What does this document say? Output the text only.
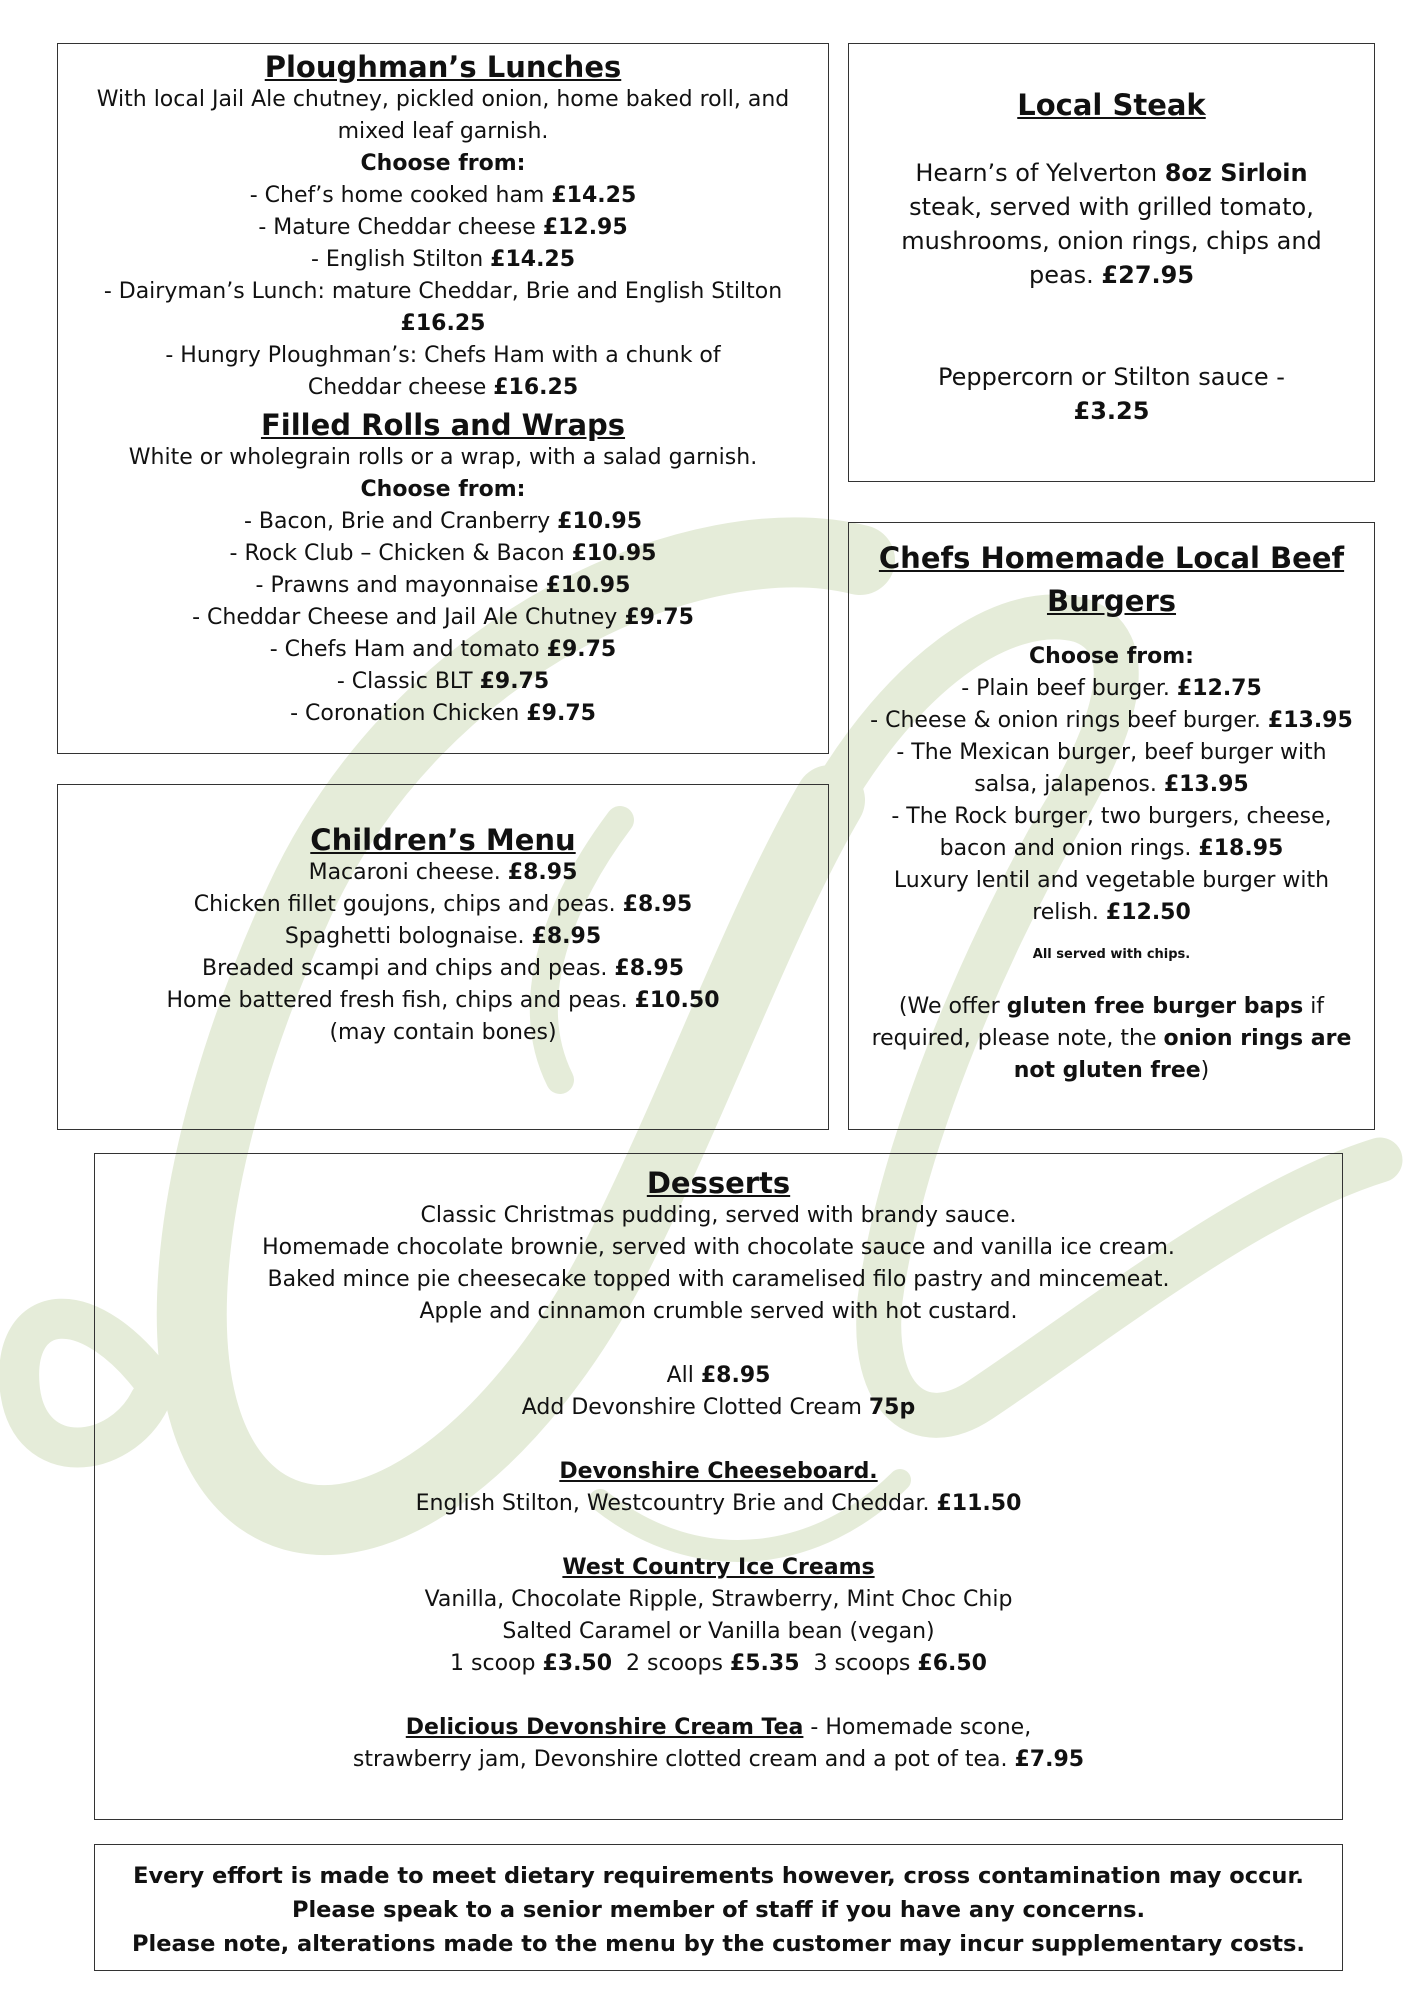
Ploughman’s Lunches

With local Jail Ale chutney, pickled onion, home baked roll, and

mixed leaf garnish.

Choose from:

- Chef’s home cooked ham £14.25

- Mature Cheddar cheese £12.95

- English Stilton £14.25

- Dairyman’s Lunch: mature Cheddar, Brie and English Stilton

£16.25

- Hungry Ploughman’s: Chefs Ham with a chunk of

Cheddar cheese £16.25

Filled Rolls and Wraps

White or wholegrain rolls or a wrap, with a salad garnish.

Choose from:

- Bacon, Brie and Cranberry £10.95

- Rock Club – Chicken & Bacon £10.95

- Prawns and mayonnaise £10.95

- Cheddar Cheese and Jail Ale Chutney £9.75

- Chefs Ham and tomato £9.75

- Classic BLT £9.75

- Coronation Chicken £9.75

Local Steak

Hearn’s of Yelverton 8oz Sirloin

steak, served with grilled tomato,

mushrooms, onion rings, chips and

peas. £27.95

Peppercorn or Stilton sauce -

£3.25

Chefs Homemade Local Beef

Burgers

Choose from:

- Plain beef burger. £12.75

- Cheese & onion rings beef burger. £13.95

- The Mexican burger, beef burger with

salsa, jalapenos. £13.95

- The Rock burger, two burgers, cheese,

bacon and onion rings. £18.95

Luxury lentil and vegetable burger with

relish. £12.50

All served with chips.

(We offer gluten free burger baps if

required, please note, the onion rings are

not gluten free)

Children’s Menu

Macaroni cheese. £8.95

Chicken fillet goujons, chips and peas. £8.95

Spaghetti bolognaise. £8.95

Breaded scampi and chips and peas. £8.95

Home battered fresh fish, chips and peas. £10.50

(may contain bones)

Desserts

Classic Christmas pudding, served with brandy sauce.

Homemade chocolate brownie, served with chocolate sauce and vanilla ice cream.

Baked mince pie cheesecake topped with caramelised filo pastry and mincemeat.

Apple and cinnamon crumble served with hot custard.

All £8.95

Add Devonshire Clotted Cream 75p

Devonshire Cheeseboard.

English Stilton, Westcountry Brie and Cheddar. £11.50

West Country Ice Creams

Vanilla, Chocolate Ripple, Strawberry, Mint Choc Chip

Salted Caramel or Vanilla bean (vegan)

1 scoop £3.50  2 scoops £5.35  3 scoops £6.50

Delicious Devonshire Cream Tea - Homemade scone,

strawberry jam, Devonshire clotted cream and a pot of tea. £7.95

Every effort is made to meet dietary requirements however, cross contamination may occur.

Please speak to a senior member of staff if you have any concerns.

Please note, alterations made to the menu by the customer may incur supplementary costs.
